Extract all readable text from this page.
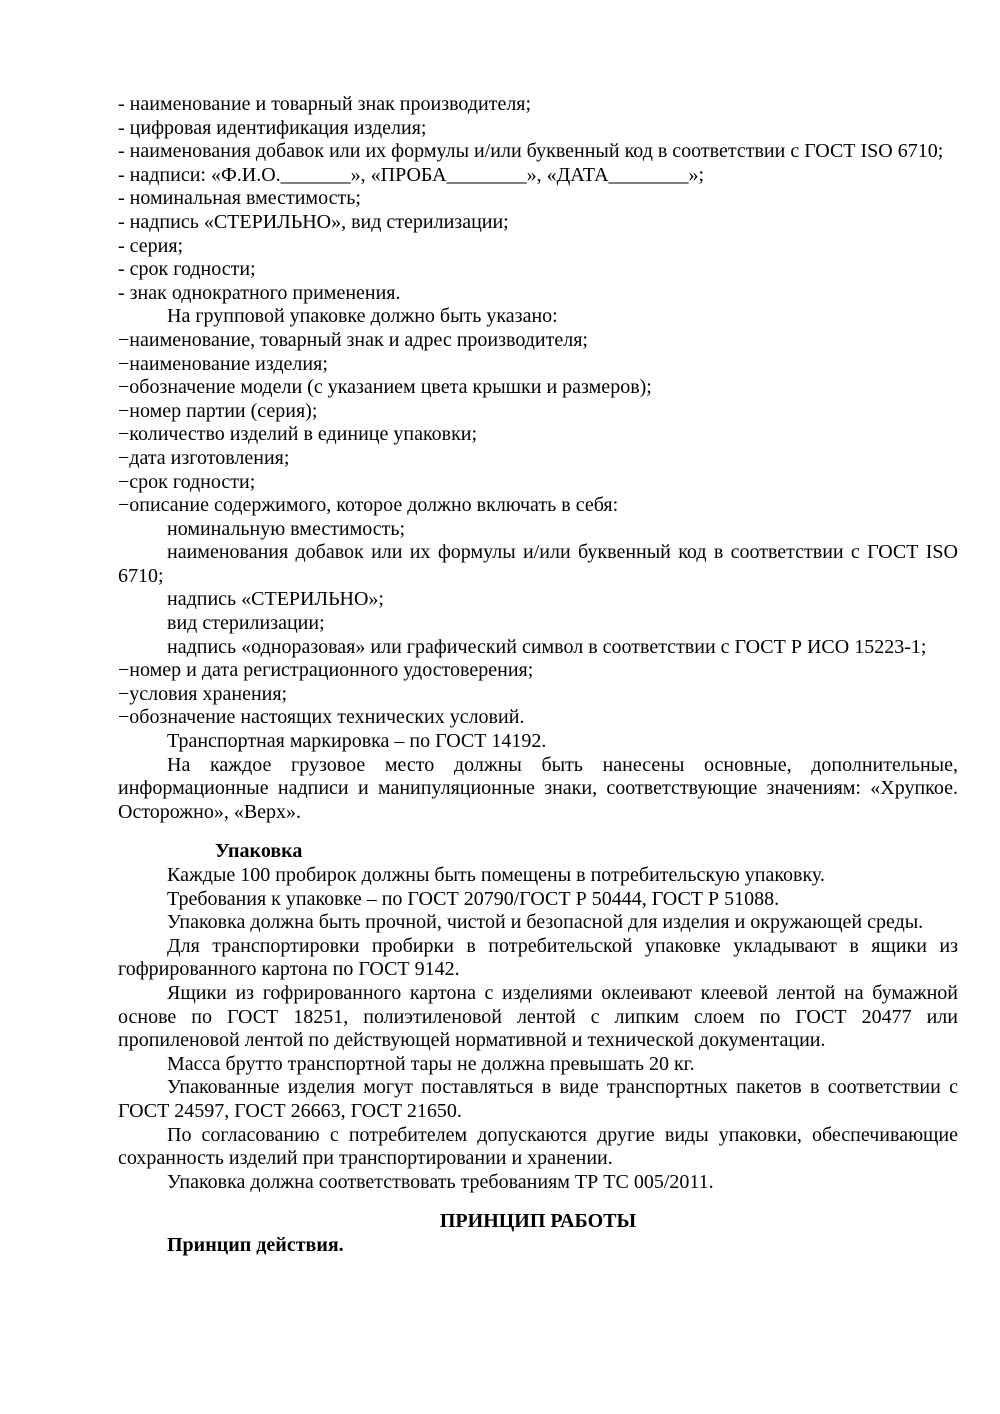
- наименование и товарный знак производителя;

- цифровая идентификация изделия;

- наименования добавок или их формулы и/или буквенный код в соответствии с ГОСТ ISO 6710;

- надписи: «Ф.И.О._______», «ПРОБА________», «ДАТА________»;

- номинальная вместимость;

- надпись «СТЕРИЛЬНО», вид стерилизации;

- серия;

- срок годности;

- знак однократного применения.

На групповой упаковке должно быть указано:

−наименование, товарный знак и адрес производителя;

−наименование изделия;

−обозначение модели (с указанием цвета крышки и размеров);

−номер партии (серия);

−количество изделий в единице упаковки;

−дата изготовления;

−срок годности;

−описание содержимого, которое должно включать в себя:

номинальную вместимость;

наименования добавок или их формулы и/или буквенный код в соответствии с ГОСТ ISO 6710;

надпись «СТЕРИЛЬНО»;

вид стерилизации;

надпись «одноразовая» или графический символ в соответствии с ГОСТ Р ИСО 15223-1;

−номер и дата регистрационного удостоверения;

−условия хранения;

−обозначение настоящих технических условий.

Транспортная маркировка – по ГОСТ 14192.

На каждое грузовое место должны быть нанесены основные, дополнительные, информационные надписи и манипуляционные знаки, соответствующие значениям: «Хрупкое. Осторожно», «Верх».

Упаковка

Каждые 100 пробирок должны быть помещены в потребительскую упаковку.

Требования к упаковке – по ГОСТ 20790/ГОСТ Р 50444, ГОСТ Р 51088.

Упаковка должна быть прочной, чистой и безопасной для изделия и окружающей среды.

Для транспортировки пробирки в потребительской упаковке укладывают в ящики из гофрированного картона по ГОСТ 9142.

Ящики из гофрированного картона с изделиями оклеивают клеевой лентой на бумажной основе по ГОСТ 18251, полиэтиленовой лентой с липким слоем по ГОСТ 20477 или пропиленовой лентой по действующей нормативной и технической документации.

Масса брутто транспортной тары не должна превышать 20 кг.

Упакованные изделия могут поставляться в виде транспортных пакетов в соответствии с ГОСТ 24597, ГОСТ 26663, ГОСТ 21650.

По согласованию с потребителем допускаются другие виды упаковки, обеспечивающие сохранность изделий при транспортировании и хранении.

Упаковка должна соответствовать требованиям ТР ТС 005/2011.

ПРИНЦИП РАБОТЫ

Принцип действия.
